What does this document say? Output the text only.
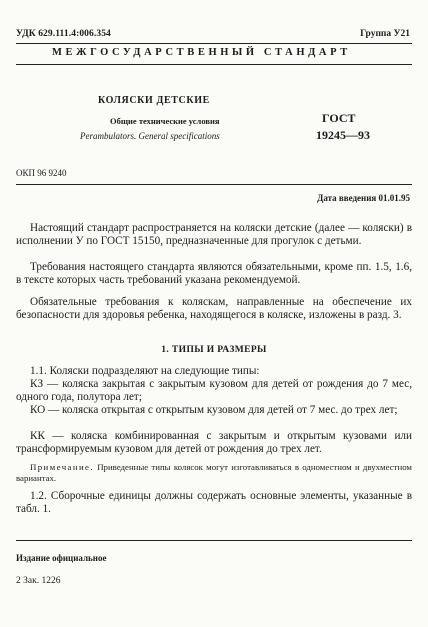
УДК 629.111.4:006.354	Группа У21
МЕЖГОСУДАРСТВЕННЫЙ СТАНДАРТ
КОЛЯСКИ ДЕТСКИЕ
Общие технические условия
Perambulators. General specifications
ГОСТ
19245—93
ОКП 96 9240
Дата введения 01.01.95

Настоящий стандарт распространяется на коляски детские (далее — коляски) в исполнении У по ГОСТ 15150, предназначенные для прогулок с детьми.

Требования настоящего стандарта являются обязательными, кроме пп. 1.5, 1.6, в тексте которых часть требований указана рекомендуемой.

Обязательные требования к коляскам, направленные на обеспечение их безопасности для здоровья ребенка, находящегося в коляске, изложены в разд. 3.

1. ТИПЫ И РАЗМЕРЫ

1.1. Коляски подразделяют на следующие типы:

КЗ — коляска закрытая с закрытым кузовом для детей от рождения до 7 мес, одного года, полутора лет;

КО — коляска открытая с открытым кузовом для детей от 7 мес. до трех лет;

КК — коляска комбинированная с закрытым и открытым кузовами или трансформируемым кузовом для детей от рождения до трех лет.

Примечание. Приведенные типы колясок могут изготавливаться в одноместном и двухместном вариантах.

1.2. Сборочные единицы должны содержать основные элементы, указанные в табл. 1.

Издание официальное
2 Зак. 1226
